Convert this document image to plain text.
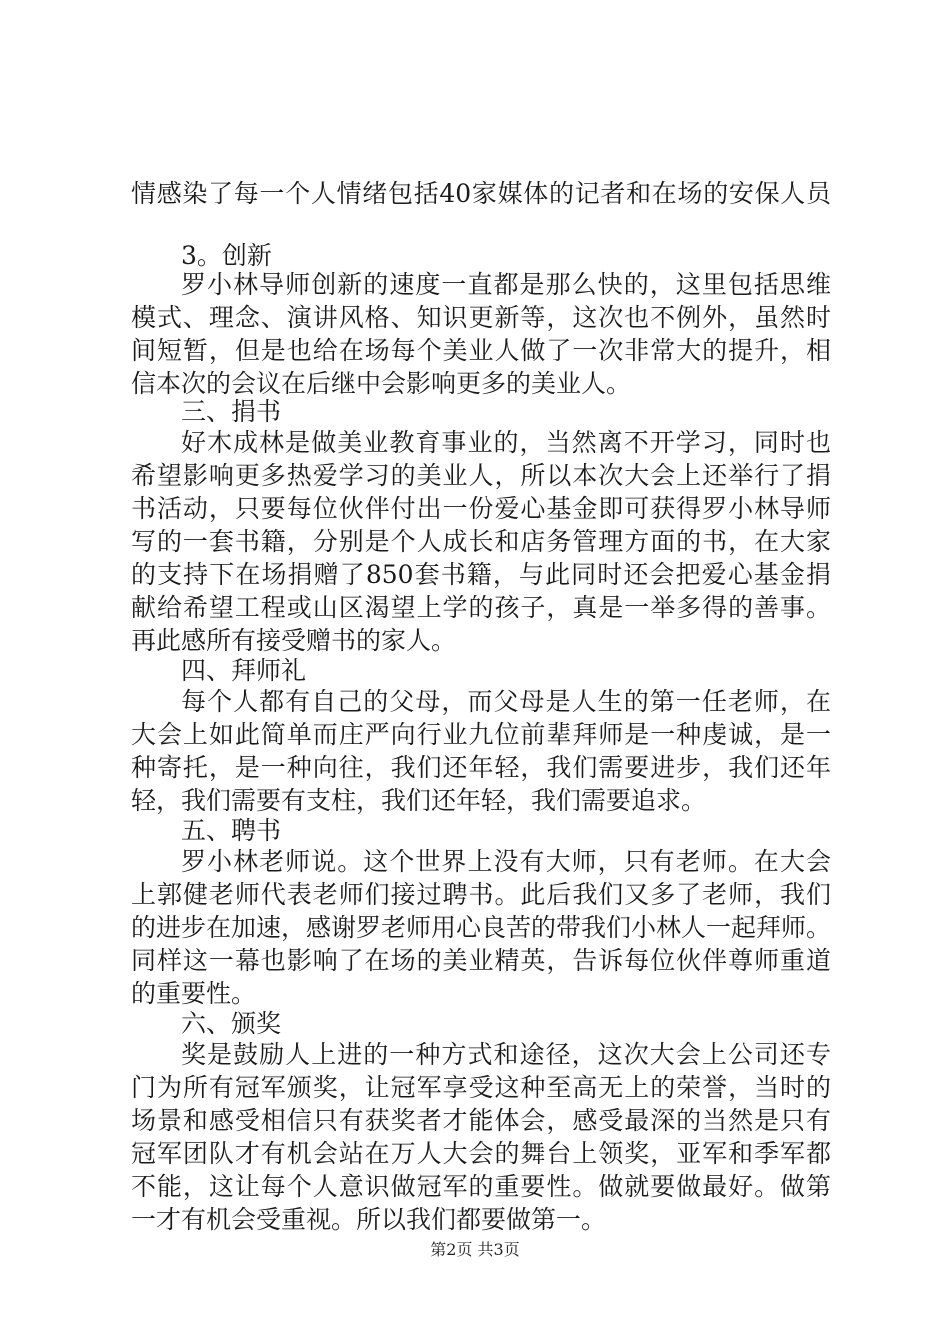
情感染了每一个人情绪包括40家媒体的记者和在场的安保人员
3。创新
罗小林导师创新的速度一直都是那么快的，这里包括思维
模式、理念、演讲风格、知识更新等，这次也不例外，虽然时
间短暂，但是也给在场每个美业人做了一次非常大的提升，相
信本次的会议在后继中会影响更多的美业人。
三、捐书
好木成林是做美业教育事业的，当然离不开学习，同时也
希望影响更多热爱学习的美业人，所以本次大会上还举行了捐
书活动，只要每位伙伴付出一份爱心基金即可获得罗小林导师
写的一套书籍，分别是个人成长和店务管理方面的书，在大家
的支持下在场捐赠了850套书籍，与此同时还会把爱心基金捐
献给希望工程或山区渴望上学的孩子，真是一举多得的善事。
再此感所有接受赠书的家人。
四、拜师礼
每个人都有自己的父母，而父母是人生的第一任老师，在
大会上如此简单而庄严向行业九位前辈拜师是一种虔诚，是一
种寄托，是一种向往，我们还年轻，我们需要进步，我们还年
轻，我们需要有支柱，我们还年轻，我们需要追求。
五、聘书
罗小林老师说。这个世界上没有大师，只有老师。在大会
上郭健老师代表老师们接过聘书。此后我们又多了老师，我们
的进步在加速，感谢罗老师用心良苦的带我们小林人一起拜师。
同样这一幕也影响了在场的美业精英，告诉每位伙伴尊师重道
的重要性。
六、颁奖
奖是鼓励人上进的一种方式和途径，这次大会上公司还专
门为所有冠军颁奖，让冠军享受这种至高无上的荣誉，当时的
场景和感受相信只有获奖者才能体会，感受最深的当然是只有
冠军团队才有机会站在万人大会的舞台上领奖，亚军和季军都
不能，这让每个人意识做冠军的重要性。做就要做最好。做第
一才有机会受重视。所以我们都要做第一。
第2页 共3页
